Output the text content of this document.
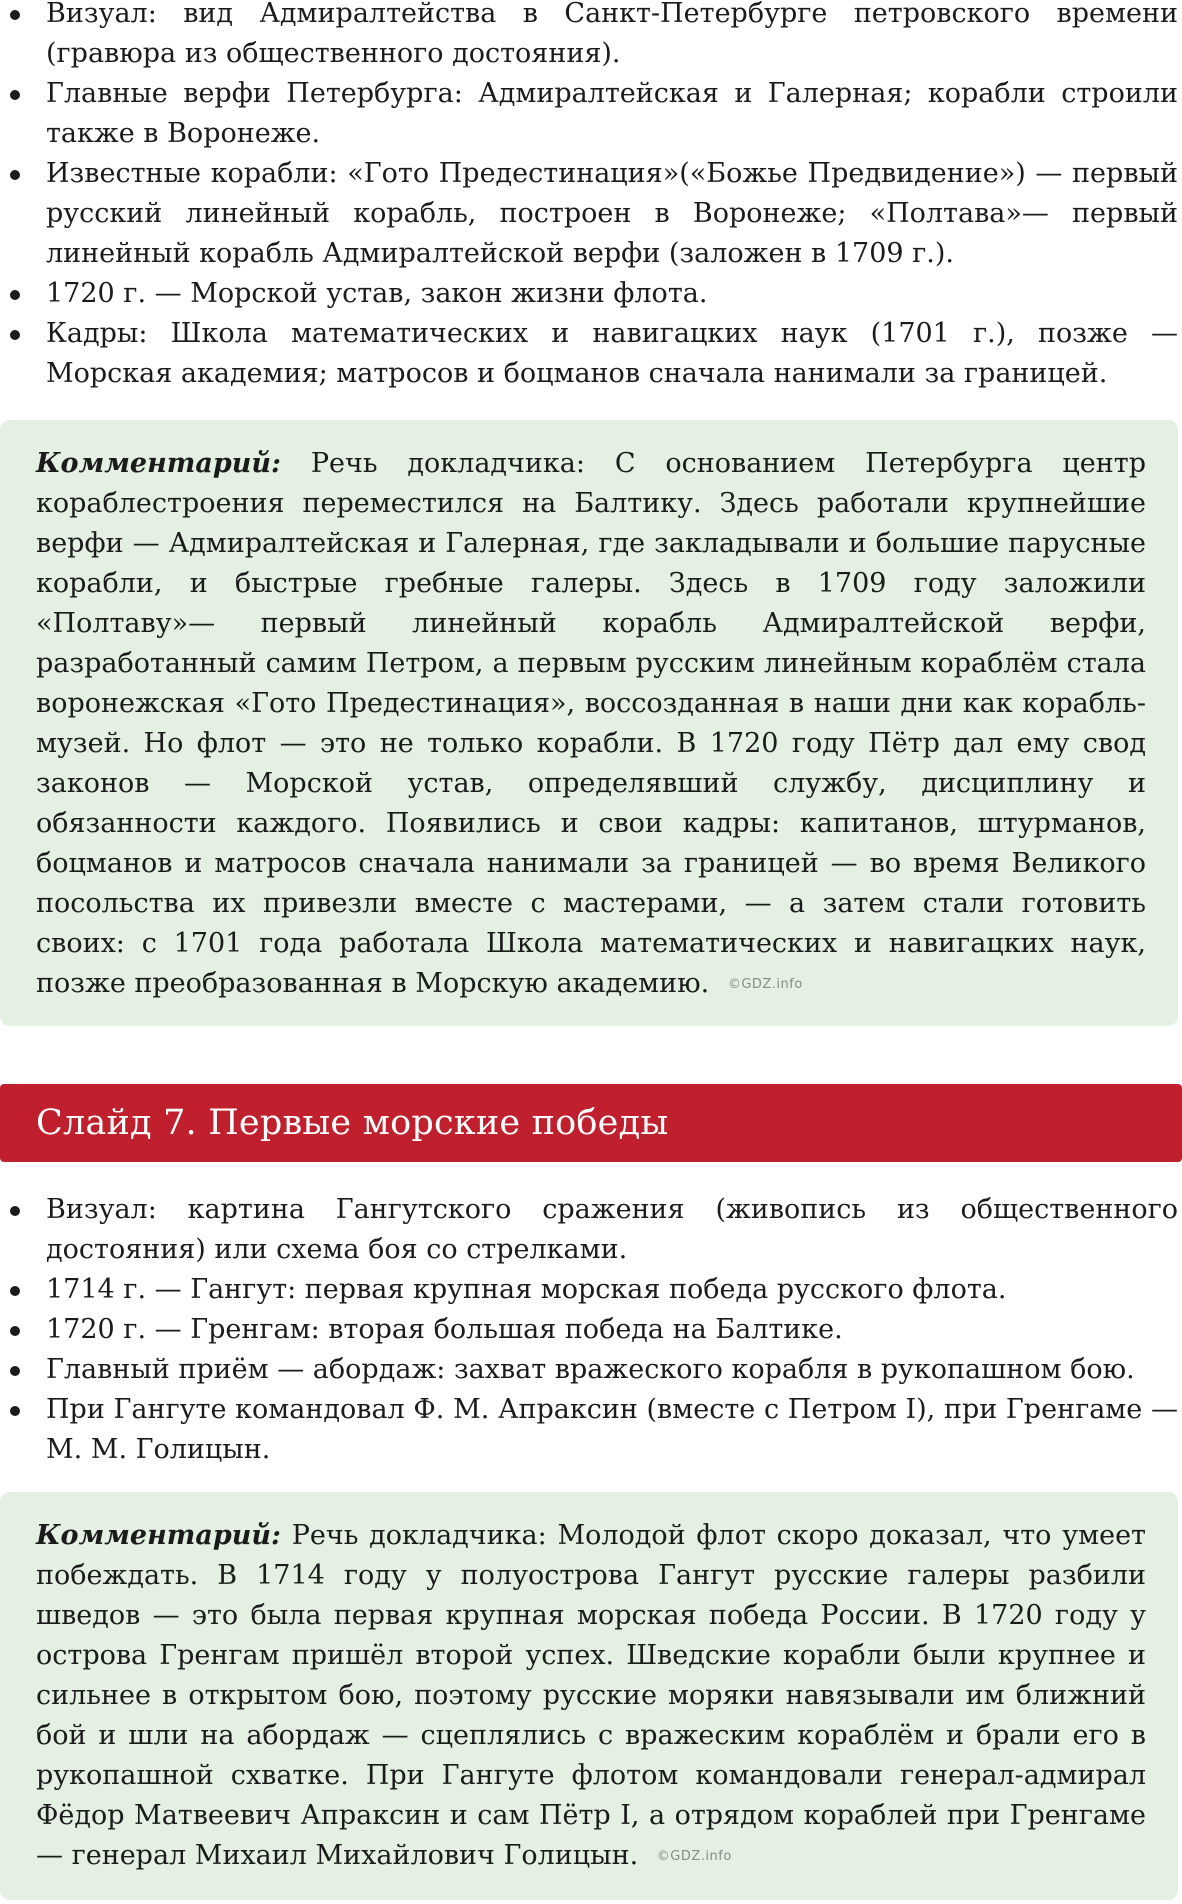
Визуал: вид Адмиралтейства в Санкт-Петербурге петровского времени (гравюра из общественного достояния).
Главные верфи Петербурга: Адмиралтейская и Галерная; корабли строили также в Воронеже.
Известные корабли: «Гото Предестинация»(«Божье Предвидение») — первый русский линейный корабль, построен в Воронеже; «Полтава»— первый линейный корабль Адмиралтейской верфи (заложен в 1709 г.).
1720 г. — Морской устав, закон жизни флота.
Кадры: Школа математических и навигацких наук (1701 г.), позже — Морская академия; матросов и боцманов сначала нанимали за границей.
Комментарий: Речь докладчика: С основанием Петербурга центр кораблестроения переместился на Балтику. Здесь работали крупнейшие верфи — Адмиралтейская и Галерная, где закладывали и большие парусные корабли, и быстрые гребные галеры. Здесь в 1709 году заложили «Полтаву»— первый линейный корабль Адмиралтейской верфи, разработанный самим Петром, а первым русским линейным кораблём стала воронежская «Гото Предестинация», воссозданная в наши дни как корабль-музей. Но флот — это не только корабли. В 1720 году Пётр дал ему свод законов — Морской устав, определявший службу, дисциплину и обязанности каждого. Появились и свои кадры: капитанов, штурманов, боцманов и матросов сначала нанимали за границей — во время Великого посольства их привезли вместе с мастерами, — а затем стали готовить своих: с 1701 года работала Школа математических и навигацких наук, позже преобразованная в Морскую академию. ©GDZ.info
Слайд 7. Первые морские победы
Визуал: картина Гангутского сражения (живопись из общественного достояния) или схема боя со стрелками.
1714 г. — Гангут: первая крупная морская победа русского флота.
1720 г. — Гренгам: вторая большая победа на Балтике.
Главный приём — абордаж: захват вражеского корабля в рукопашном бою.
При Гангуте командовал Ф. М. Апраксин (вместе с Петром I), при Гренгаме — М. М. Голицын.
Комментарий: Речь докладчика: Молодой флот скоро доказал, что умеет побеждать. В 1714 году у полуострова Гангут русские галеры разбили шведов — это была первая крупная морская победа России. В 1720 году у острова Гренгам пришёл второй успех. Шведские корабли были крупнее и сильнее в открытом бою, поэтому русские моряки навязывали им ближний бой и шли на абордаж — сцеплялись с вражеским кораблём и брали его в рукопашной схватке. При Гангуте флотом командовали генерал-адмирал Фёдор Матвеевич Апраксин и сам Пётр I, а отрядом кораблей при Гренгаме — генерал Михаил Михайлович Голицын. ©GDZ.info
